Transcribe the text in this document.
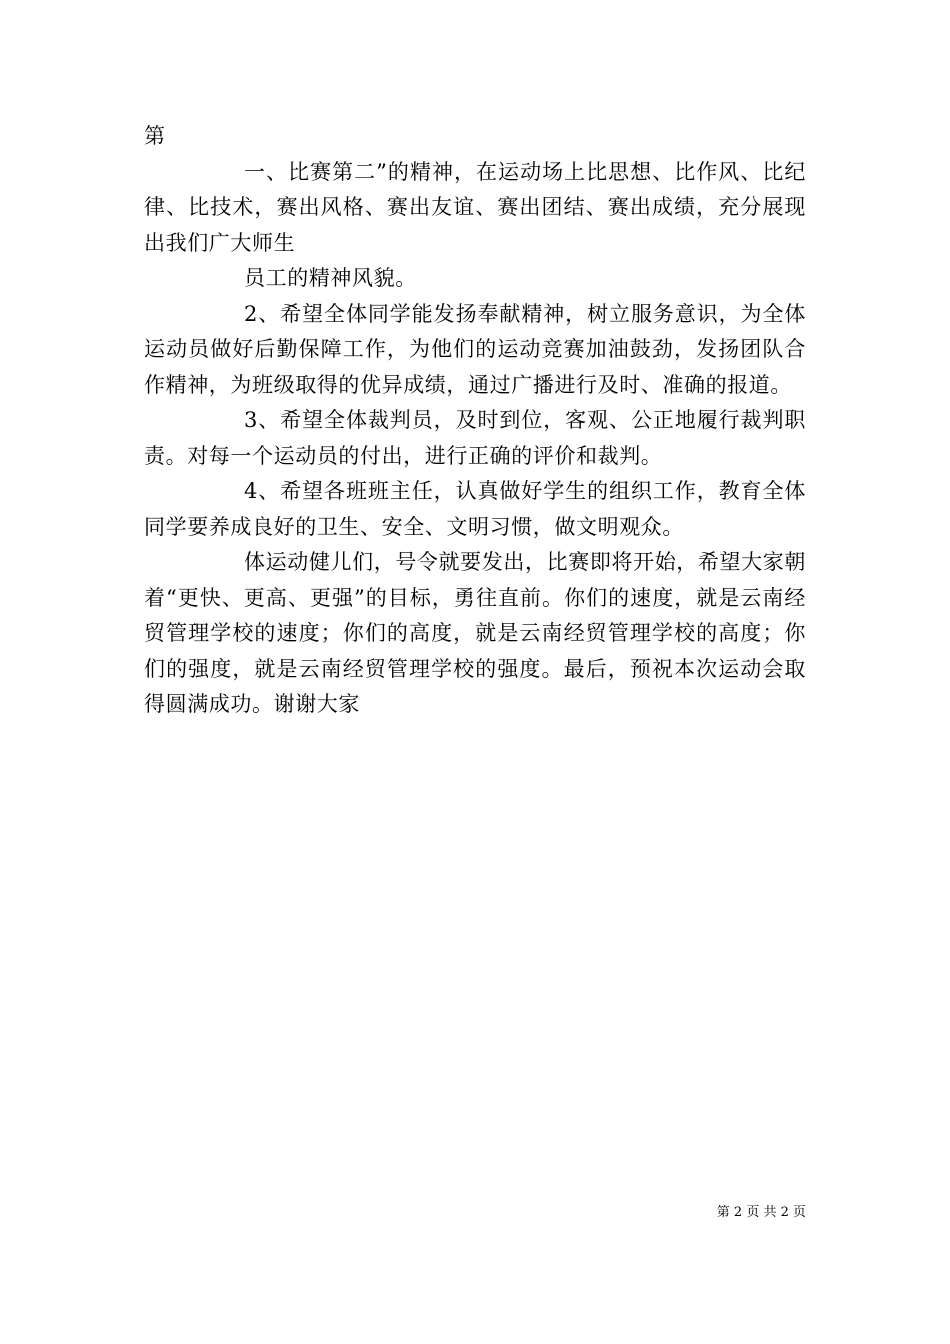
第

一、比赛第二”的精神，在运动场上比思想、比作风、比纪律、比技术，赛出风格、赛出友谊、赛出团结、赛出成绩，充分展现出我们广大师生

员工的精神风貌。

2、希望全体同学能发扬奉献精神，树立服务意识，为全体运动员做好后勤保障工作，为他们的运动竞赛加油鼓劲，发扬团队合作精神，为班级取得的优异成绩，通过广播进行及时、准确的报道。

3、希望全体裁判员，及时到位，客观、公正地履行裁判职责。对每一个运动员的付出，进行正确的评价和裁判。

4、希望各班班主任，认真做好学生的组织工作，教育全体同学要养成良好的卫生、安全、文明习惯，做文明观众。

体运动健儿们，号令就要发出，比赛即将开始，希望大家朝着“更快、更高、更强”的目标，勇往直前。你们的速度，就是云南经贸管理学校的速度；你们的高度，就是云南经贸管理学校的高度；你们的强度，就是云南经贸管理学校的强度。最后，预祝本次运动会取得圆满成功。谢谢大家

第 2 页 共 2 页
